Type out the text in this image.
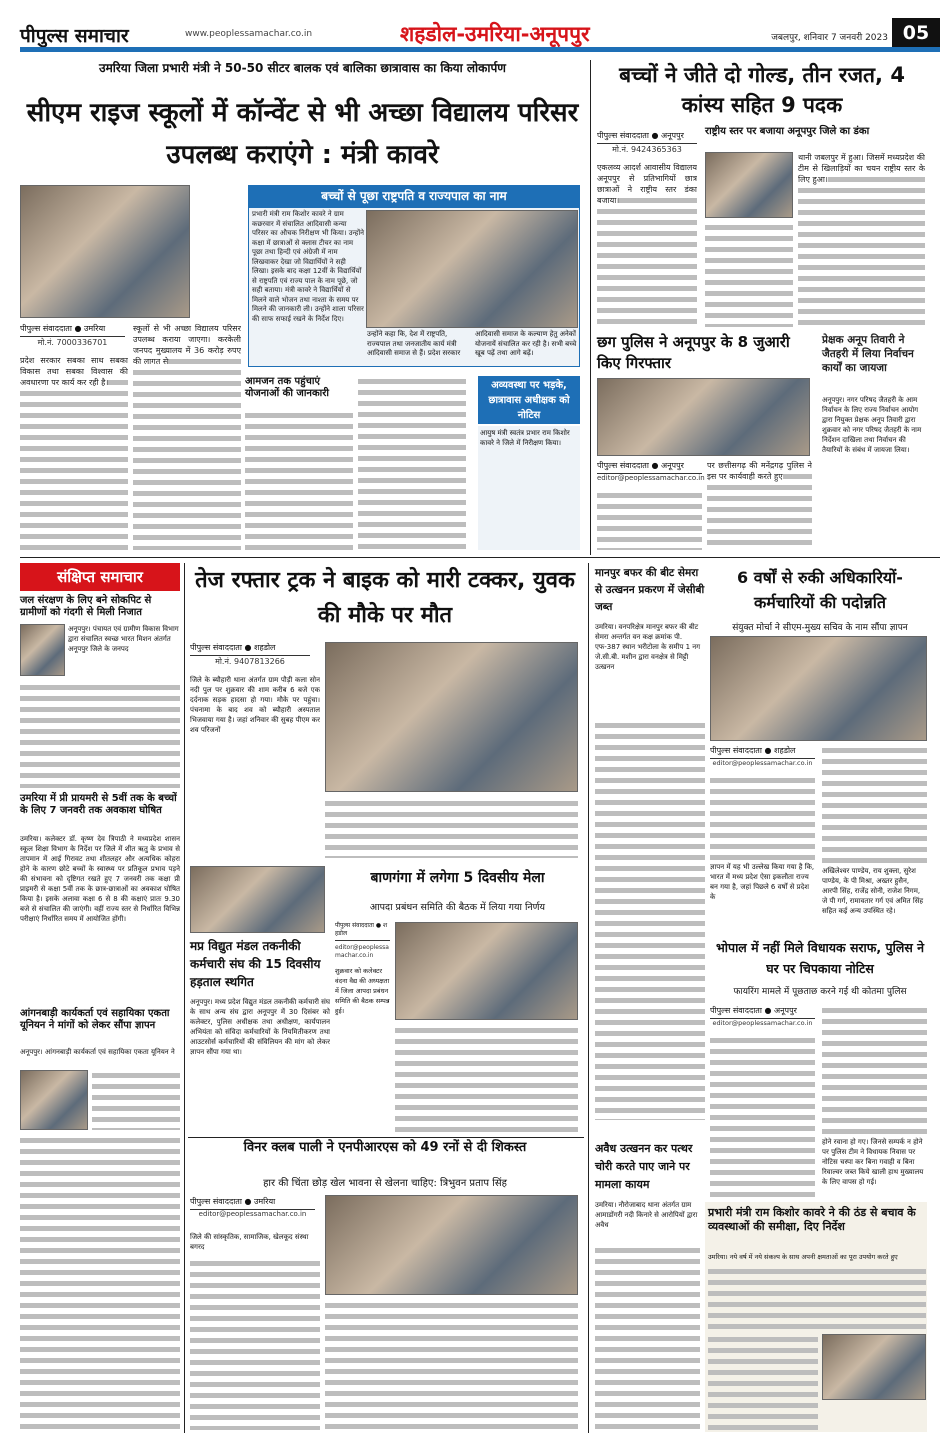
पीपुल्स समाचार	www.peoplessamachar.co.in	शहडोल-उमरिया-अनूपपुर	जबलपुर, शनिवार 7 जनवरी 2023 05
उमरिया जिला प्रभारी मंत्री ने 50-50 सीटर बालक एवं बालिका छात्रावास का किया लोकार्पण
सीएम राइज स्कूलों में कॉन्वेंट से भी अच्छा विद्यालय परिसर उपलब्ध कराएंगे : मंत्री कावरे
पीपुल्स संवाददाता ● उमरिया
मो.नं. 7000336701
प्रदेश सरकार सबका साथ सबका विकास तथा सबका विश्वास की अवधारणा पर कार्य कर रही है।
स्कूलों से भी अच्छा विद्यालय परिसर उपलब्ध कराया जाएगा। करकेली जनपद मुख्यालय में 36 करोड़ रुपए की लागत से
आमजन तक पहुंचाएं योजनाओं की जानकारी
बच्चों से पूछा राष्ट्रपति व राज्यपाल का नाम
प्रभारी मंत्री राम किशोर कावरे ने ग्राम कछरवार में संचालित आदिवासी कन्या परिसर का औचक निरीक्षण भी किया। उन्होंने कक्षा में छात्राओं से क्लास टीचर का नाम पूछा तथा हिन्दी एवं अंग्रेजी में नाम लिखवाकर देखा जो विद्यार्थियों ने सही लिखा। इसके बाद कक्षा 12वीं के विद्यार्थियों से राष्ट्रपति एवं राज्य पाल के नाम पूछे, जो सही बताया। मंत्री कावरे ने विद्यार्थियों से मिलने वाले भोजन तथा नाश्ता के समय पर मिलने की जानकारी ली। उन्होंने शाला परिसर की साफ सफाई रखने के निर्देश दिए।
उन्होंने कहा कि, देश में राष्ट्रपति, राज्यपाल तथा जनजातीय कार्य मंत्री आदिवासी समाज से हैं। प्रदेश सरकार
आदिवासी समाज के कल्याण हेतु अनेकों योजनायें संचालित कर रही है। सभी बच्चे खूब पढ़ें तथा आगे बढ़ें।
अव्यवस्था पर भड़के, छात्रावास अधीक्षक को नोटिस
आयुष मंत्री स्वतंत्र प्रभार राम किशोर कावरे ने जिले में निरीक्षण किया।
बच्चों ने जीते दो गोल्ड, तीन रजत, 4 कांस्य सहित 9 पदक
पीपुल्स संवाददाता ● अनूपपुर
मो.नं. 9424365363
राष्ट्रीय स्तर पर बजाया अनूपपुर जिले का डंका
एकलव्य आदर्श आवासीय विद्यालय अनूपपुर से प्रतिभागियों छात्र छात्राओं ने राष्ट्रीय स्तर डंका बजाया।
थानी जबलपुर में हुआ। जिसमें मध्यप्रदेश की टीम से खिलाड़ियों का चयन राष्ट्रीय स्तर के लिए हुआ।
छग पुलिस ने अनूपपुर के 8 जुआरी किए गिरफ्तार
पीपुल्स संवाददाता ● अनूपपुर
editor@peoplessamachar.co.in
पर छत्तीसगढ़ की मनेंद्रगढ़ पुलिस ने इस पर कार्यवाही करते हुए
प्रेक्षक अनूप तिवारी ने जैतहरी में लिया निर्वाचन कार्यों का जायजा
अनूपपुर। नगर परिषद जैतहरी के आम निर्वाचन के लिए राज्य निर्वाचन आयोग द्वारा नियुक्त प्रेक्षक अनूप तिवारी द्वारा शुक्रवार को नगर परिषद जैतहरी के नाम निर्देशन दाखिला तथा निर्वाचन की तैयारियों के संबंध में जायजा लिया।
संक्षिप्त समाचार
जल संरक्षण के लिए बने सोकपिट से ग्रामीणों को गंदगी से मिली निजात
अनूपपुर। पंचायत एवं ग्रामीण विकास विभाग द्वारा संचालित स्वच्छ भारत मिशन अंतर्गत अनूपपुर जिले के जनपद
उमरिया में प्री प्रायमरी से 5वीं तक के बच्चों के लिए 7 जनवरी तक अवकाश घोषित
उमरिया। कलेक्टर डॉ. कृष्ण देव त्रिपाठी ने मध्यप्रदेश शासन स्कूल शिक्षा विभाग के निर्देश पर जिले में शीत ऋतु के प्रभाव से तापमान में आई गिरावट तथा शीतलहर और अत्यधिक कोहरा होने के कारण छोटे बच्चों के स्वास्थ्य पर प्रतिकूल प्रभाव पड़ने की संभावना को दृष्टिगत रखते हुए 7 जनवरी तक कक्षा प्री प्राइमरी से कक्षा 5वीं तक के छात्र-छात्राओं का अवकाश घोषित किया है। इसके अलावा कक्षा 6 से 8 की कक्षाएं प्रातः 9.30 बजे से संचालित की जाएंगी। वहीं राज्य स्तर से निर्धारित विभिन्न परीक्षाएं निर्धारित समय में आयोजित होंगी।
आंगनबाड़ी कार्यकर्ता एवं सहायिका एकता यूनियन ने मांगों को लेकर सौंपा ज्ञापन
अनूपपुर। आंगनबाड़ी कार्यकर्ता एवं सहायिका एकता यूनियन ने
तेज रफ्तार ट्रक ने बाइक को मारी टक्कर, युवक की मौके पर मौत
पीपुल्स संवाददाता ● शहडोल
मो.नं. 9407813266
जिले के ब्यौहारी थाना अंतर्गत ग्राम पौड़ी कला सोन नदी पुल पर शुक्रवार की शाम करीब 6 बजे एक दर्दनाक सड़क हादसा हो गया। मौके पर पहुंचा। पंचनामा के बाद शव को ब्यौहारी अस्पताल भिजवाया गया है। जहां शनिवार की सुबह पीएम कर शव परिजनों
मप्र विद्युत मंडल तकनीकी कर्मचारी संघ की 15 दिवसीय हड़ताल स्थगित
अनूपपुर। मध्य प्रदेश विद्युत मंडल तकनीकी कर्मचारी संघ के साथ अन्य संघ द्वारा अनूपपुर में 30 दिसंबर को कलेक्टर, पुलिस अधीक्षक तथा अधीक्षण, कार्यपालन अभियंता को संविदा कर्मचारियों के नियमितीकरण तथा आउटसोर्स कर्मचारियों की संविलियन की मांग को लेकर ज्ञापन सौंपा गया था।
बाणगंगा में लगेगा 5 दिवसीय मेला
आपदा प्रबंधन समिति की बैठक में लिया गया निर्णय
पीपुल्स संवाददाता ● शहडोल
editor@peoplessamachar.co.in
शुक्रवार को कलेक्टर वंदना वैद्य की अध्यक्षता में जिला आपदा प्रबंधन समिति की बैठक सम्पन्न हुई।
मानपुर बफर की बीट सेमरा से उत्खनन प्रकरण में जेसीबी जब्त
उमरिया। वनपरिक्षेत्र मानपुर बफर की बीट सेमरा अन्तर्गत वन कक्ष क्रमांक पी. एफ-387 स्थान भरीटोला के समीप 1 नग जे.सी.बी. मशीन द्वारा वनक्षेत्र से मिट्टी उत्खनन
6 वर्षों से रुकी अधिकारियों-कर्मचारियों की पदोन्नति
संयुक्त मोर्चा ने सीएम-मुख्य सचिव के नाम सौंपा ज्ञापन
पीपुल्स संवाददाता ● शहडोल
editor@peoplessamachar.co.in
ज्ञापन में यह भी उल्लेख किया गया है कि, भारत में मध्य प्रदेश ऐसा इकलौता राज्य बन गया है, जहां पिछले 6 वर्षों से प्रदेश के
अखिलेश्वर पाण्डेय, राय शुक्ला, सुरेश पाण्डेय, के पी मिश्रा, अख्तर हुसैन, आरपी सिंह, राजेंद्र सोनी, राजेश निगम, जे पी गर्ग, रामावतार गर्ग एवं अमित सिंह सहित कई अन्य उपस्थित रहे।
भोपाल में नहीं मिले विधायक सराफ, पुलिस ने घर पर चिपकाया नोटिस
फायरिंग मामले में पूछताछ करने गई थी कोतमा पुलिस
पीपुल्स संवाददाता ● अनूपपुर
editor@peoplessamachar.co.in
होने रवाना हो गए। जिनसे सम्पर्क न होने पर पुलिस टीम ने विधायक निवास पर नोटिस चस्पा कर बिना गवाही व बिना रिवाल्वर जब्त किये खाली हाथ मुख्यालय के लिए वापस हो गई।
विनर क्लब पाली ने एनपीआरएस को 49 रनों से दी शिकस्त
हार की चिंता छोड़ खेल भावना से खेलना चाहिए: त्रिभुवन प्रताप सिंह
पीपुल्स संवाददाता ● उमरिया
editor@peoplessamachar.co.in
जिले की सांस्कृतिक, सामाजिक, खेलकूद संस्था बगरद
अवैध उत्खनन कर पत्थर चोरी करते पाए जाने पर मामला कायम
उमरिया। नौरोजाबाद थाना अंतर्गत ग्राम आमाडोंगरी नदी किनारे से आरोपियों द्वारा अवैध
प्रभारी मंत्री राम किशोर कावरे ने की ठंड से बचाव के व्यवस्थाओं की समीक्षा, दिए निर्देश
उमरिया। नये वर्ष में नये संकल्प के साथ अपनी क्षमताओं का पूरा उपयोग करते हुए
